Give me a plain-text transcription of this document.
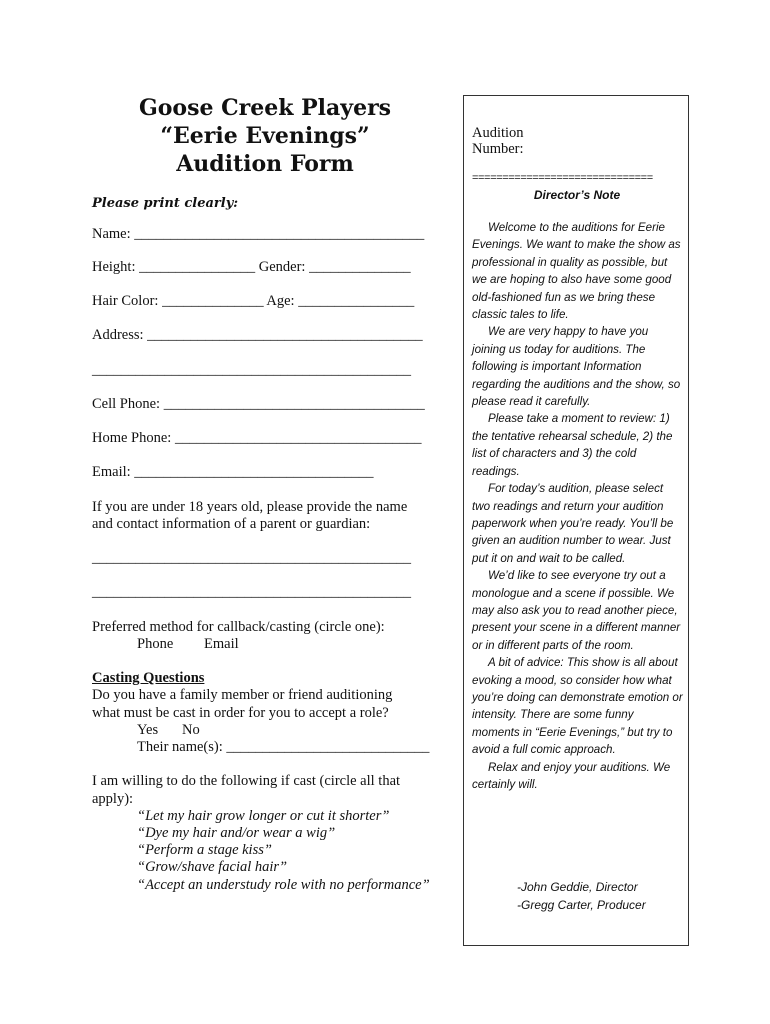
Goose Creek Players
“Eerie Evenings”
Audition Form
Please print clearly:
Name: ________________________________________
Height: ________________ Gender: ______________
Hair Color: ______________ Age: ________________
Address: ______________________________________
____________________________________________
Cell Phone: ____________________________________
Home Phone: __________________________________
Email: _________________________________
If you are under 18 years old, please provide the name
and contact information of a parent or guardian:
____________________________________________
____________________________________________
Preferred method for callback/casting (circle one):
Phone Email
Casting Questions
Do you have a family member or friend auditioning
what must be cast in order for you to accept a role?
Yes No
Their name(s): ____________________________
I am willing to do the following if cast (circle all that
apply):
“Let my hair grow longer or cut it shorter”
“Dye my hair and/or wear a wig”
“Perform a stage kiss”
“Grow/shave facial hair”
“Accept an understudy role with no performance”
Audition
Number:
==============================
Director’s Note

Welcome to the auditions for Eerie Evenings. We want to make the show as professional in quality as possible, but we are hoping to also have some good old-fashioned fun as we bring these classic tales to life.

We are very happy to have you joining us today for auditions. The following is important Information regarding the auditions and the show, so please read it carefully.

Please take a moment to review: 1) the tentative rehearsal schedule, 2) the list of characters and 3) the cold readings.

For today’s audition, please select two readings and return your audition paperwork when you’re ready. You’ll be given an audition number to wear. Just put it on and wait to be called.

We’d like to see everyone try out a monologue and a scene if possible. We may also ask you to read another piece, present your scene in a different manner or in different parts of the room.

A bit of advice: This show is all about evoking a mood, so consider how what you’re doing can demonstrate emotion or intensity. There are some funny moments in “Eerie Evenings,” but try to avoid a full comic approach.

Relax and enjoy your auditions. We certainly will.

-John Geddie, Director
-Gregg Carter, Producer
